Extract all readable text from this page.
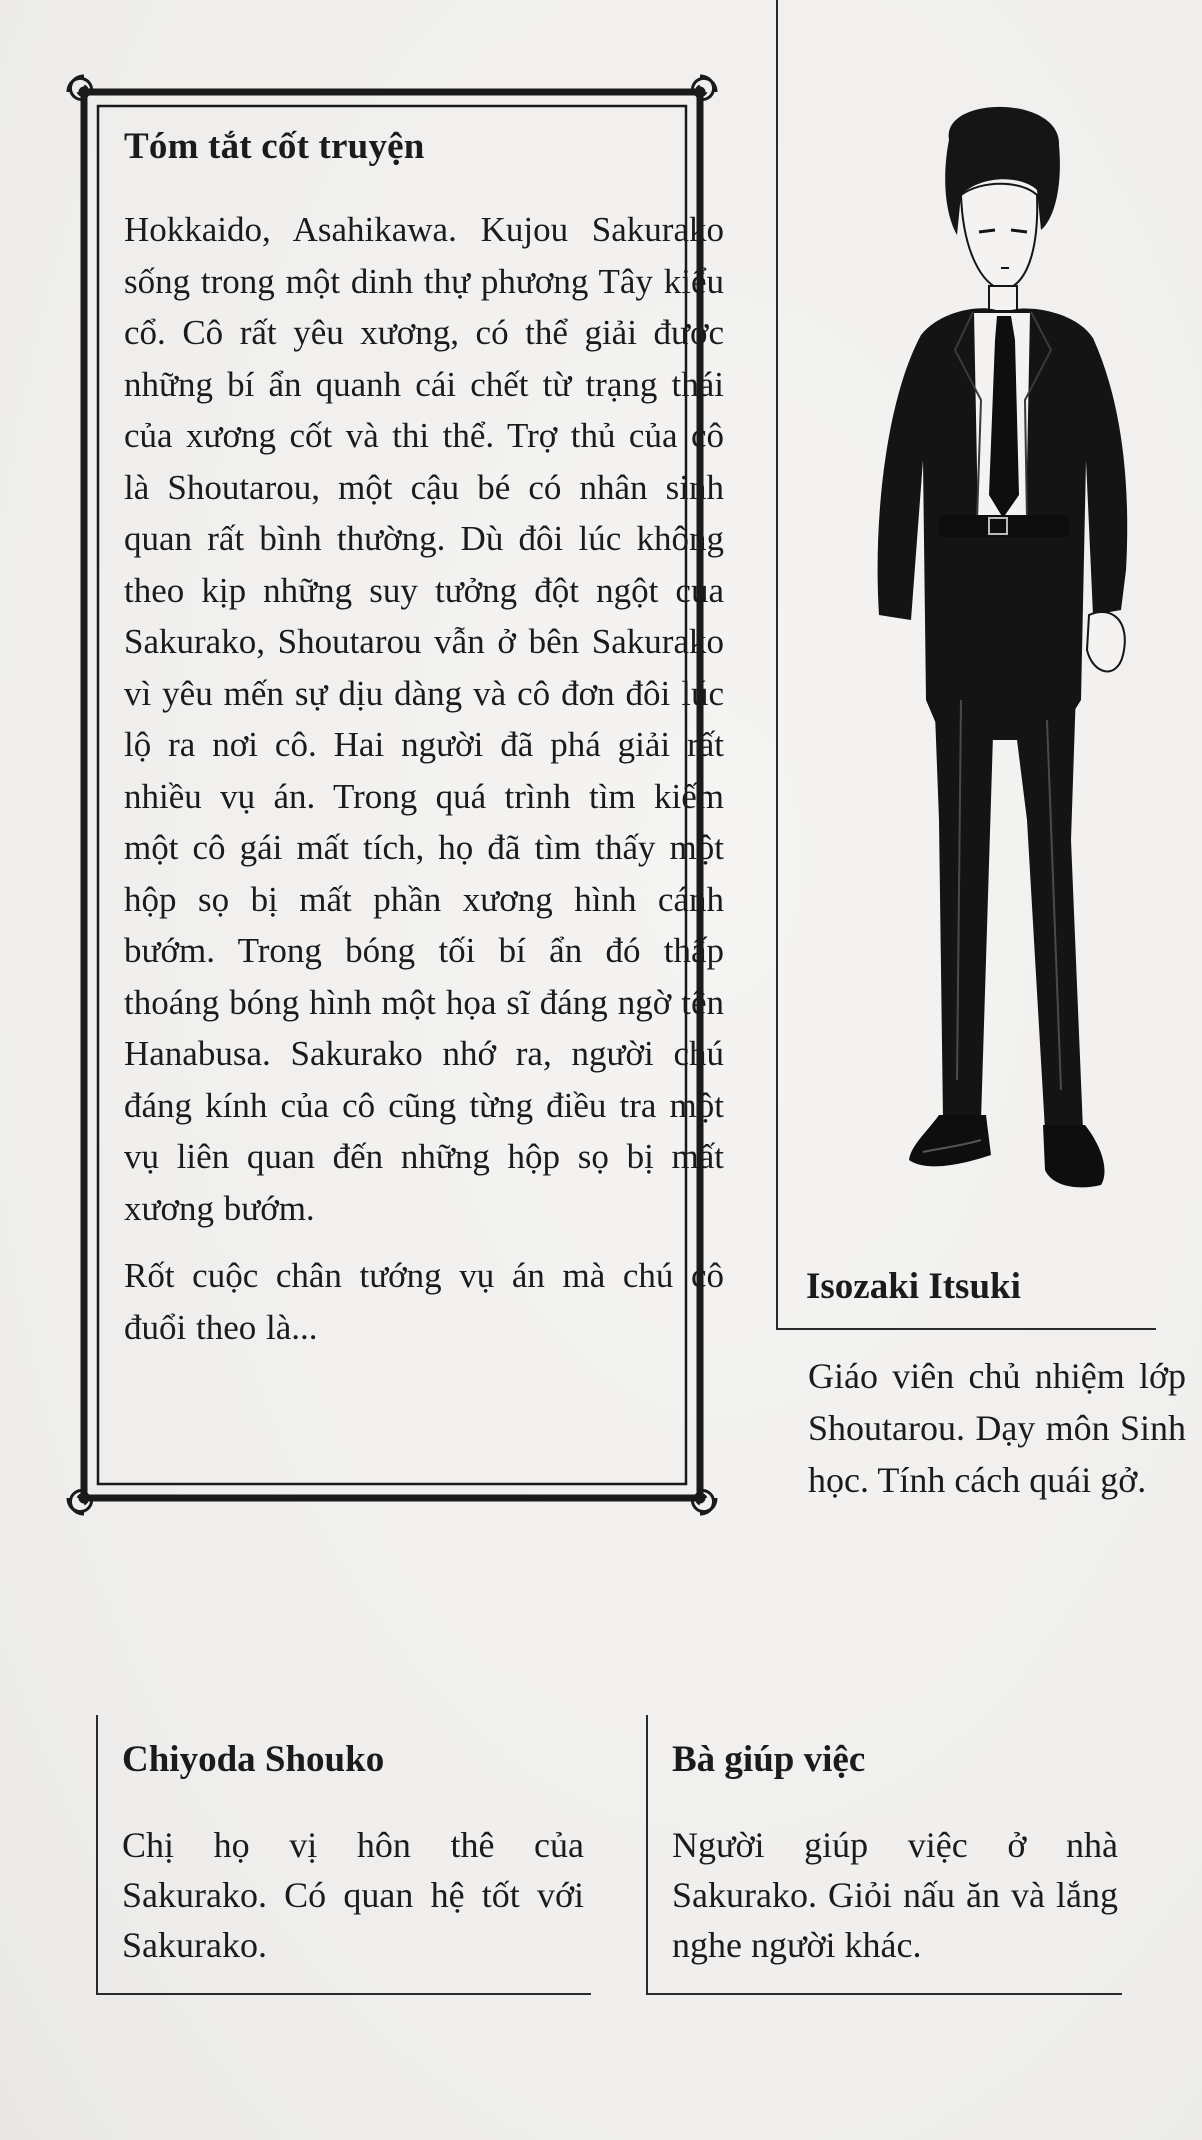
Tóm tắt cốt truyện

Hokkaido, Asahikawa. Kujou Sakurako sống trong một dinh thự phương Tây kiểu cổ. Cô rất yêu xương, có thể giải được những bí ẩn quanh cái chết từ trạng thái của xương cốt và thi thể. Trợ thủ của cô là Shoutarou, một cậu bé có nhân sinh quan rất bình thường. Dù đôi lúc không theo kịp những suy tưởng đột ngột của Sakurako, Shoutarou vẫn ở bên Sakurako vì yêu mến sự dịu dàng và cô đơn đôi lúc lộ ra nơi cô. Hai người đã phá giải rất nhiều vụ án. Trong quá trình tìm kiếm một cô gái mất tích, họ đã tìm thấy một hộp sọ bị mất phần xương hình cánh bướm. Trong bóng tối bí ẩn đó thấp thoáng bóng hình một họa sĩ đáng ngờ tên Hanabusa. Sakurako nhớ ra, người chú đáng kính của cô cũng từng điều tra một vụ liên quan đến những hộp sọ bị mất xương bướm.

Rốt cuộc chân tướng vụ án mà chú cô đuổi theo là...

Isozaki Itsuki

Giáo viên chủ nhiệm lớp Shoutarou. Dạy môn Sinh học. Tính cách quái gở.

Chiyoda Shouko

Chị họ vị hôn thê của Sakurako. Có quan hệ tốt với Sakurako.

Bà giúp việc

Người giúp việc ở nhà Sakurako. Giỏi nấu ăn và lắng nghe người khác.
